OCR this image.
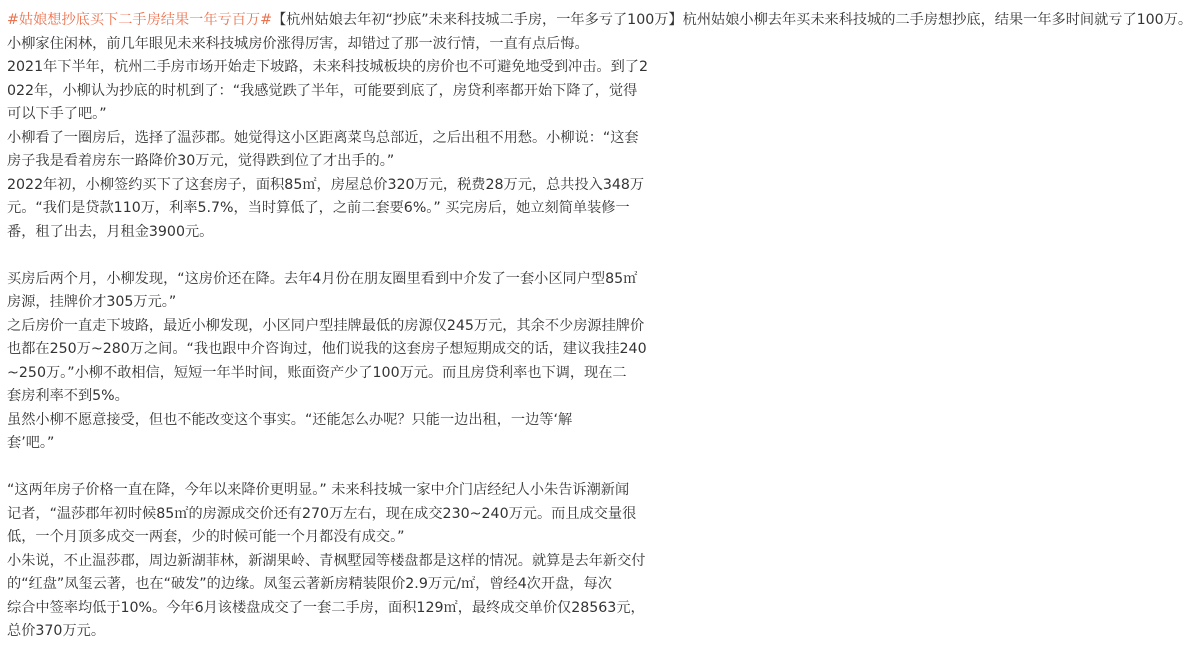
#姑娘想抄底买下二手房结果一年亏百万#【杭州姑娘去年初“抄底”未来科技城二手房，一年多亏了100万】杭州姑娘小柳去年买未来科技城的二手房想抄底，结果一年多时间就亏了100万。
小柳家住闲林，前几年眼见未来科技城房价涨得厉害，却错过了那一波行情，一直有点后悔。
2021年下半年，杭州二手房市场开始走下坡路，未来科技城板块的房价也不可避免地受到冲击。到了2
022年，小柳认为抄底的时机到了：“我感觉跌了半年，可能要到底了，房贷利率都开始下降了，觉得
可以下手了吧。”
小柳看了一圈房后，选择了温莎郡。她觉得这小区距离菜鸟总部近，之后出租不用愁。小柳说：“这套
房子我是看着房东一路降价30万元，觉得跌到位了才出手的。”
2022年初，小柳签约买下了这套房子，面积85㎡，房屋总价320万元，税费28万元，总共投入348万
元。“我们是贷款110万，利率5.7%，当时算低了，之前二套要6%。” 买完房后，她立刻简单装修一
番，租了出去，月租金3900元。
买房后两个月，小柳发现，“这房价还在降。去年4月份在朋友圈里看到中介发了一套小区同户型85㎡
房源，挂牌价才305万元。”
之后房价一直走下坡路，最近小柳发现，小区同户型挂牌最低的房源仅245万元，其余不少房源挂牌价
也都在250万~280万之间。“我也跟中介咨询过，他们说我的这套房子想短期成交的话，建议我挂240
~250万。”小柳不敢相信，短短一年半时间，账面资产少了100万元。而且房贷利率也下调，现在二
套房利率不到5%。
虽然小柳不愿意接受，但也不能改变这个事实。“还能怎么办呢？只能一边出租，一边等‘解
套’吧。”
“这两年房子价格一直在降，今年以来降价更明显。” 未来科技城一家中介门店经纪人小朱告诉潮新闻
记者，“温莎郡年初时候85㎡的房源成交价还有270万左右，现在成交230~240万元。而且成交量很
低，一个月顶多成交一两套，少的时候可能一个月都没有成交。”
小朱说，不止温莎郡，周边新湖菲林，新湖果岭、青枫墅园等楼盘都是这样的情况。就算是去年新交付
的“红盘”凤玺云著，也在“破发”的边缘。凤玺云著新房精装限价2.9万元/㎡，曾经4次开盘，每次
综合中签率均低于10%。今年6月该楼盘成交了一套二手房，面积129㎡，最终成交单价仅28563元，
总价370万元。
